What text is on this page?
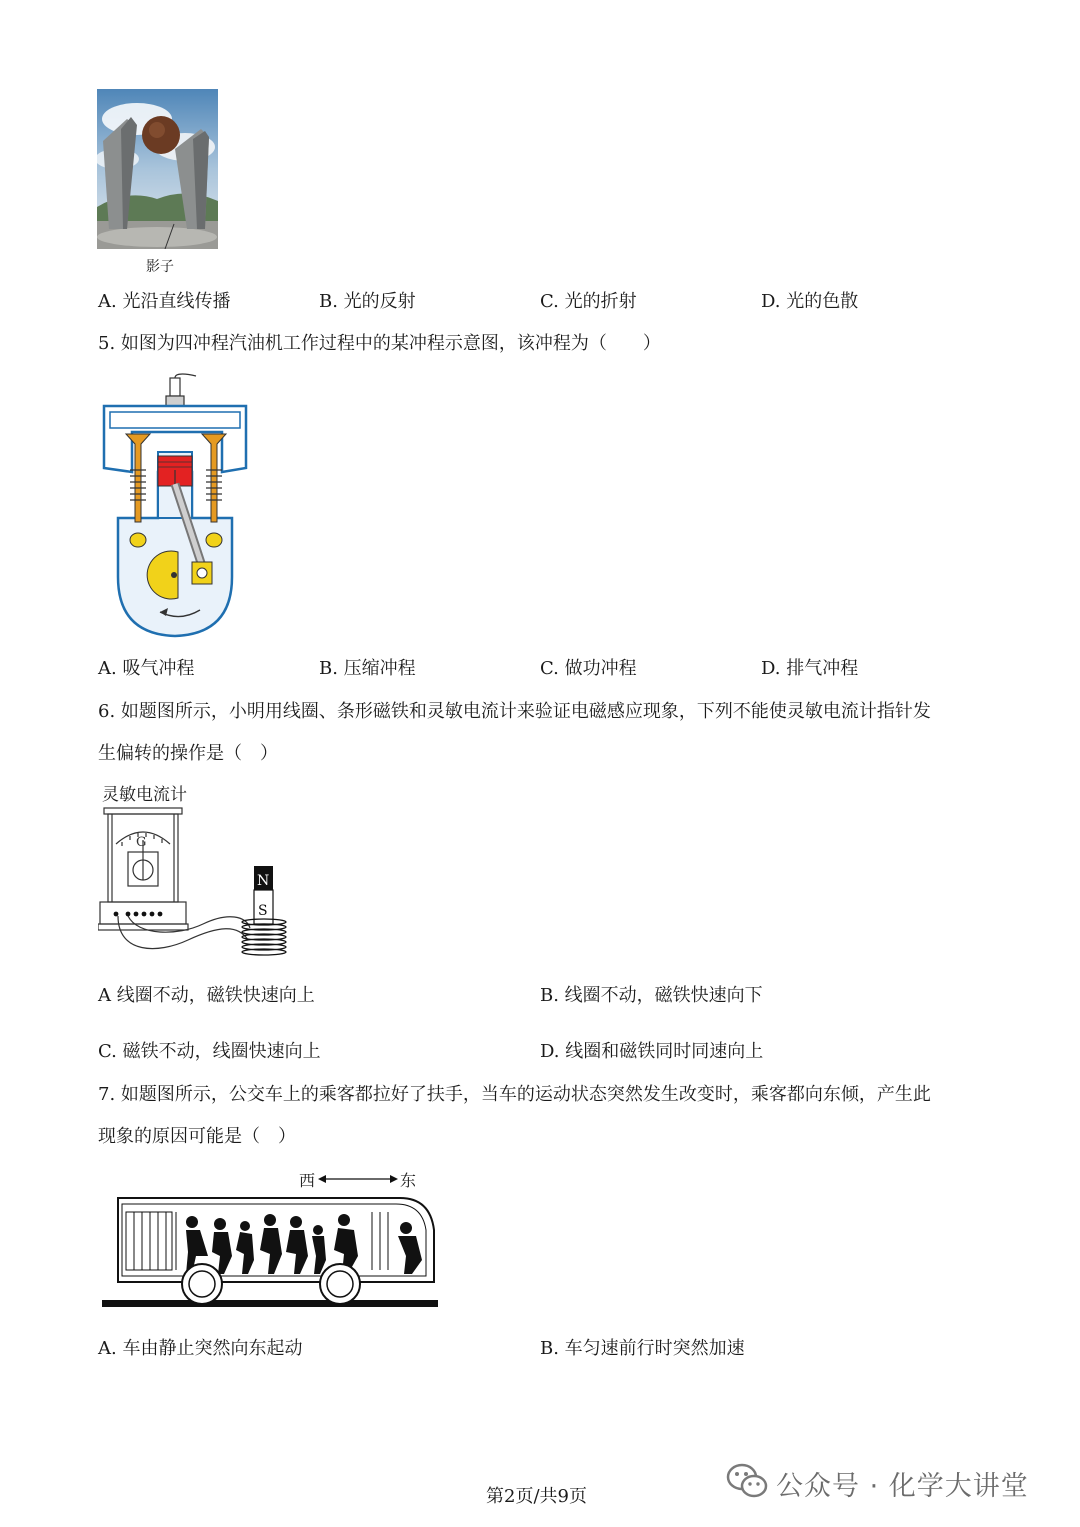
影子
A. 光沿直线传播	B. 光的反射	C. 光的折射	D. 光的色散
5. 如图为四冲程汽油机工作过程中的某冲程示意图，该冲程为（　　）
A. 吸气冲程	B. 压缩冲程	C. 做功冲程	D. 排气冲程
6. 如题图所示，小明用线圈、条形磁铁和灵敏电流计来验证电磁感应现象，下列不能使灵敏电流计指针发
生偏转的操作是（　）
灵敏电流计
G
N
S
A 线圈不动，磁铁快速向上	B. 线圈不动，磁铁快速向下
C. 磁铁不动，线圈快速向上	D. 线圈和磁铁同时同速向上
7. 如题图所示，公交车上的乘客都拉好了扶手，当车的运动状态突然发生改变时，乘客都向东倾，产生此
现象的原因可能是（　）
西	东
A. 车由静止突然向东起动	B. 车匀速前行时突然加速
第2页/共9页	公众号 · 化学大讲堂
